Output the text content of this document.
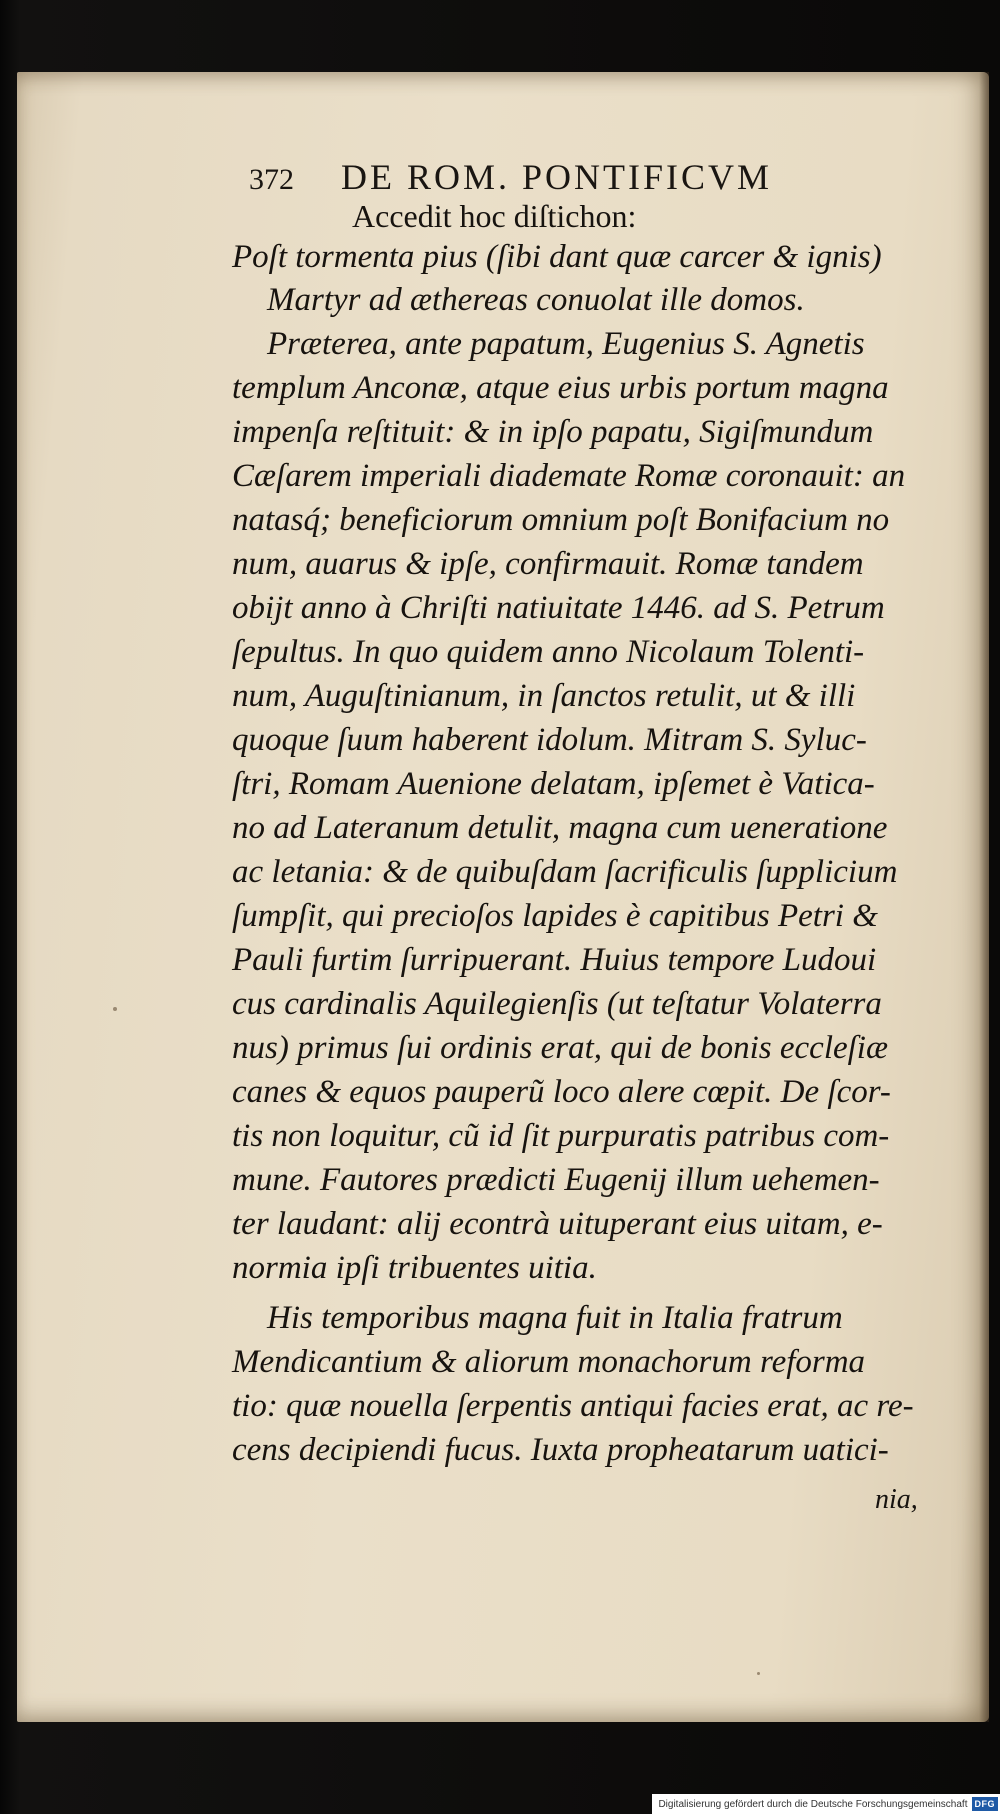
372 DE ROM. PONTIFICVM
Accedit hoc diſtichon:
Poſt tormenta pius (ſibi dant quæ carcer & ignis)
Martyr ad æthereas conuolat ille domos.
Præterea, ante papatum, Eugenius S. Agnetis
templum Anconæ, atque eius urbis portum magna
impenſa reſtituit: & in ipſo papatu, Sigiſmundum
Cæſarem imperiali diademate Romæ coronauit: an
natasq́; beneficiorum omnium poſt Bonifacium no
num, auarus & ipſe, confirmauit. Romæ tandem
obijt anno à Chriſti natiuitate 1446. ad S. Petrum
ſepultus. In quo quidem anno Nicolaum Tolenti-
num, Auguſtinianum, in ſanctos retulit, ut & illi
quoque ſuum haberent idolum. Mitram S. Syluc-
ſtri, Romam Auenione delatam, ipſemet è Vatica-
no ad Lateranum detulit, magna cum ueneratione
ac letania: & de quibuſdam ſacrificulis ſupplicium
ſumpſit, qui precioſos lapides è capitibus Petri &
Pauli furtim ſurripuerant. Huius tempore Ludoui
cus cardinalis Aquilegienſis (ut teſtatur Volaterra
nus) primus ſui ordinis erat, qui de bonis eccleſiæ
canes & equos pauperũ loco alere cœpit. De ſcor-
tis non loquitur, cũ id ſit purpuratis patribus com-
mune. Fautores prædicti Eugenij illum uehemen-
ter laudant: alij econtrà uituperant eius uitam, e-
normia ipſi tribuentes uitia.
His temporibus magna fuit in Italia fratrum
Mendicantium & aliorum monachorum reforma
tio: quæ nouella ſerpentis antiqui facies erat, ac re-
cens decipiendi fucus. Iuxta propheatarum uatici-
nia,
Digitalisierung gefördert durch die Deutsche Forschungsgemeinschaft DFG
